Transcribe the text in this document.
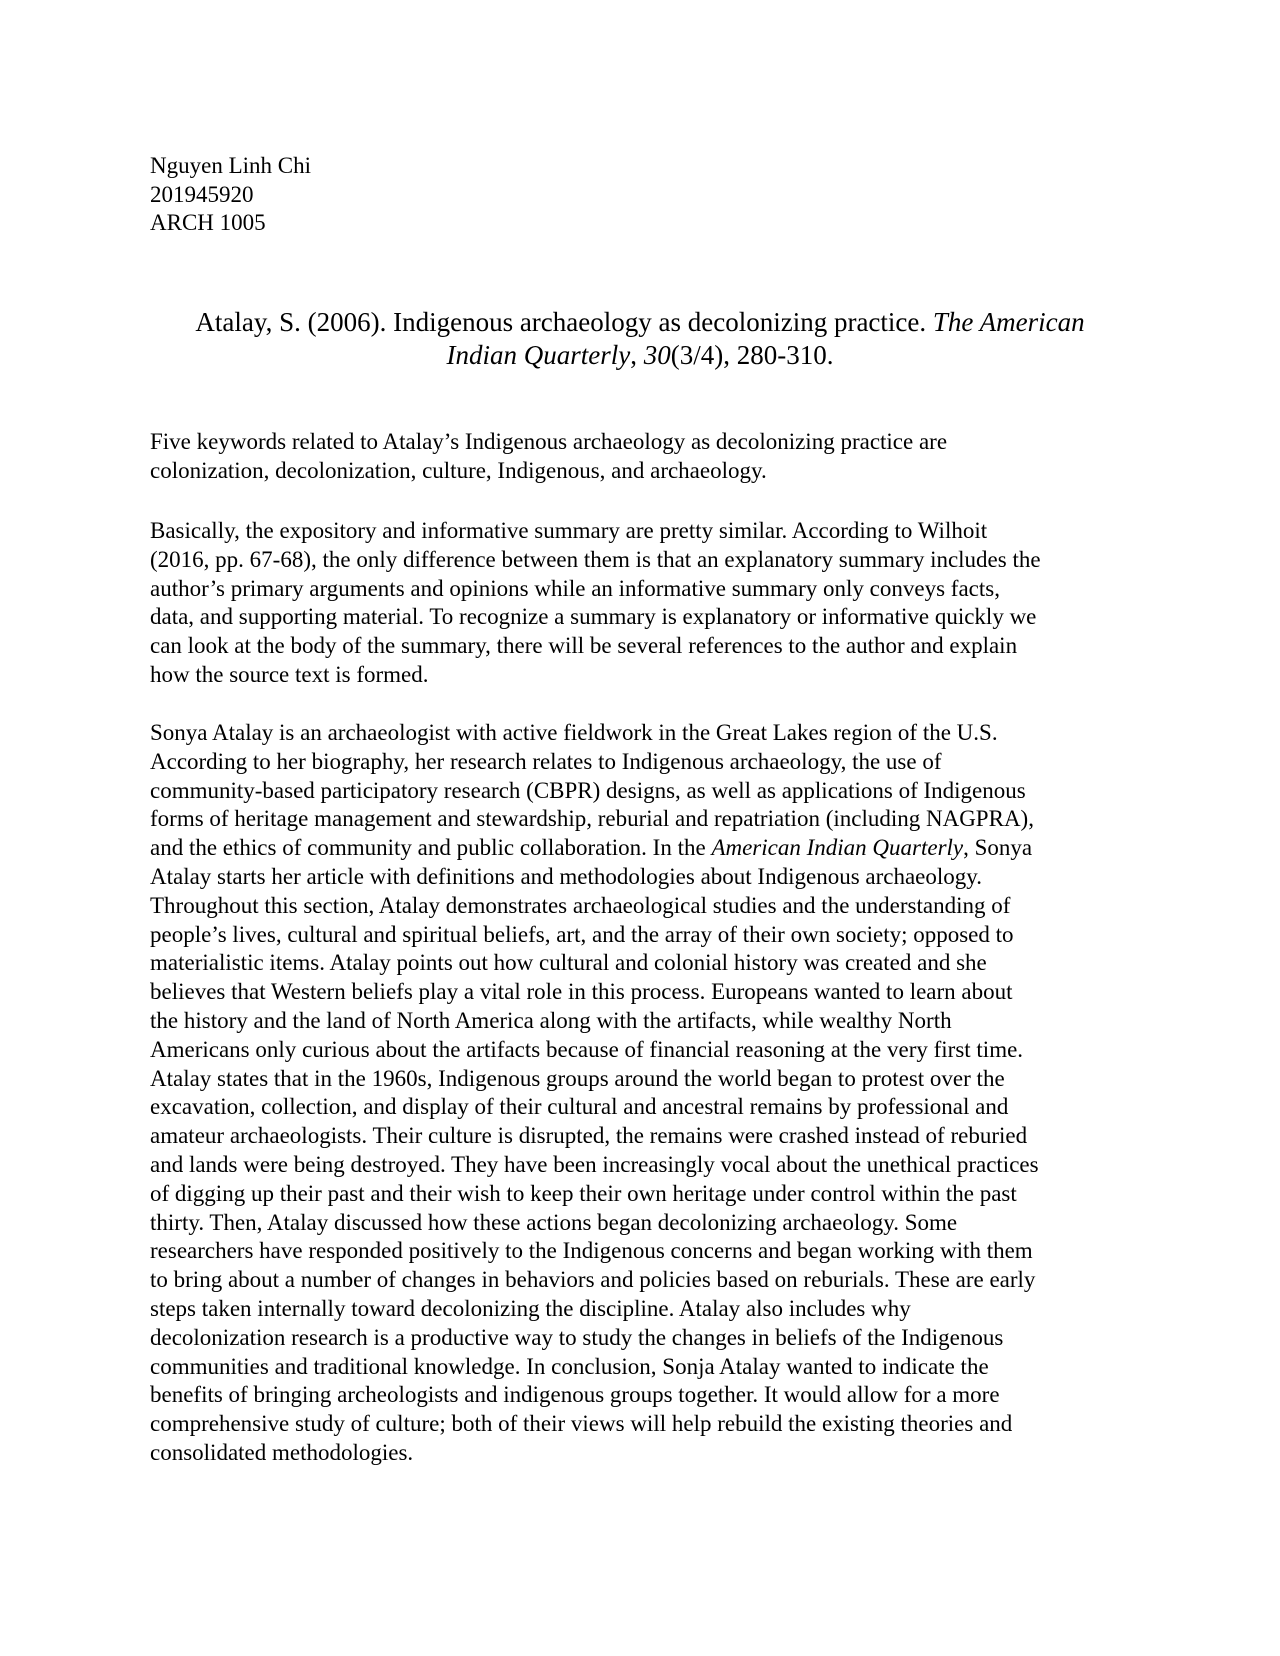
Nguyen Linh Chi
201945920
ARCH 1005
Atalay, S. (2006). Indigenous archaeology as decolonizing practice. The American
Indian Quarterly, 30(3/4), 280-310.
Five keywords related to Atalay’s Indigenous archaeology as decolonizing practice are
colonization, decolonization, culture, Indigenous, and archaeology.
Basically, the expository and informative summary are pretty similar. According to Wilhoit
(2016, pp. 67-68), the only difference between them is that an explanatory summary includes the
author’s primary arguments and opinions while an informative summary only conveys facts,
data, and supporting material. To recognize a summary is explanatory or informative quickly we
can look at the body of the summary, there will be several references to the author and explain
how the source text is formed.
Sonya Atalay is an archaeologist with active fieldwork in the Great Lakes region of the U.S.
According to her biography, her research relates to Indigenous archaeology, the use of
community-based participatory research (CBPR) designs, as well as applications of Indigenous
forms of heritage management and stewardship, reburial and repatriation (including NAGPRA),
and the ethics of community and public collaboration. In the American Indian Quarterly, Sonya
Atalay starts her article with definitions and methodologies about Indigenous archaeology.
Throughout this section, Atalay demonstrates archaeological studies and the understanding of
people’s lives, cultural and spiritual beliefs, art, and the array of their own society; opposed to
materialistic items. Atalay points out how cultural and colonial history was created and she
believes that Western beliefs play a vital role in this process. Europeans wanted to learn about
the history and the land of North America along with the artifacts, while wealthy North
Americans only curious about the artifacts because of financial reasoning at the very first time.
Atalay states that in the 1960s, Indigenous groups around the world began to protest over the
excavation, collection, and display of their cultural and ancestral remains by professional and
amateur archaeologists. Their culture is disrupted, the remains were crashed instead of reburied
and lands were being destroyed. They have been increasingly vocal about the unethical practices
of digging up their past and their wish to keep their own heritage under control within the past
thirty. Then, Atalay discussed how these actions began decolonizing archaeology. Some
researchers have responded positively to the Indigenous concerns and began working with them
to bring about a number of changes in behaviors and policies based on reburials. These are early
steps taken internally toward decolonizing the discipline. Atalay also includes why
decolonization research is a productive way to study the changes in beliefs of the Indigenous
communities and traditional knowledge. In conclusion, Sonja Atalay wanted to indicate the
benefits of bringing archeologists and indigenous groups together. It would allow for a more
comprehensive study of culture; both of their views will help rebuild the existing theories and
consolidated methodologies.
